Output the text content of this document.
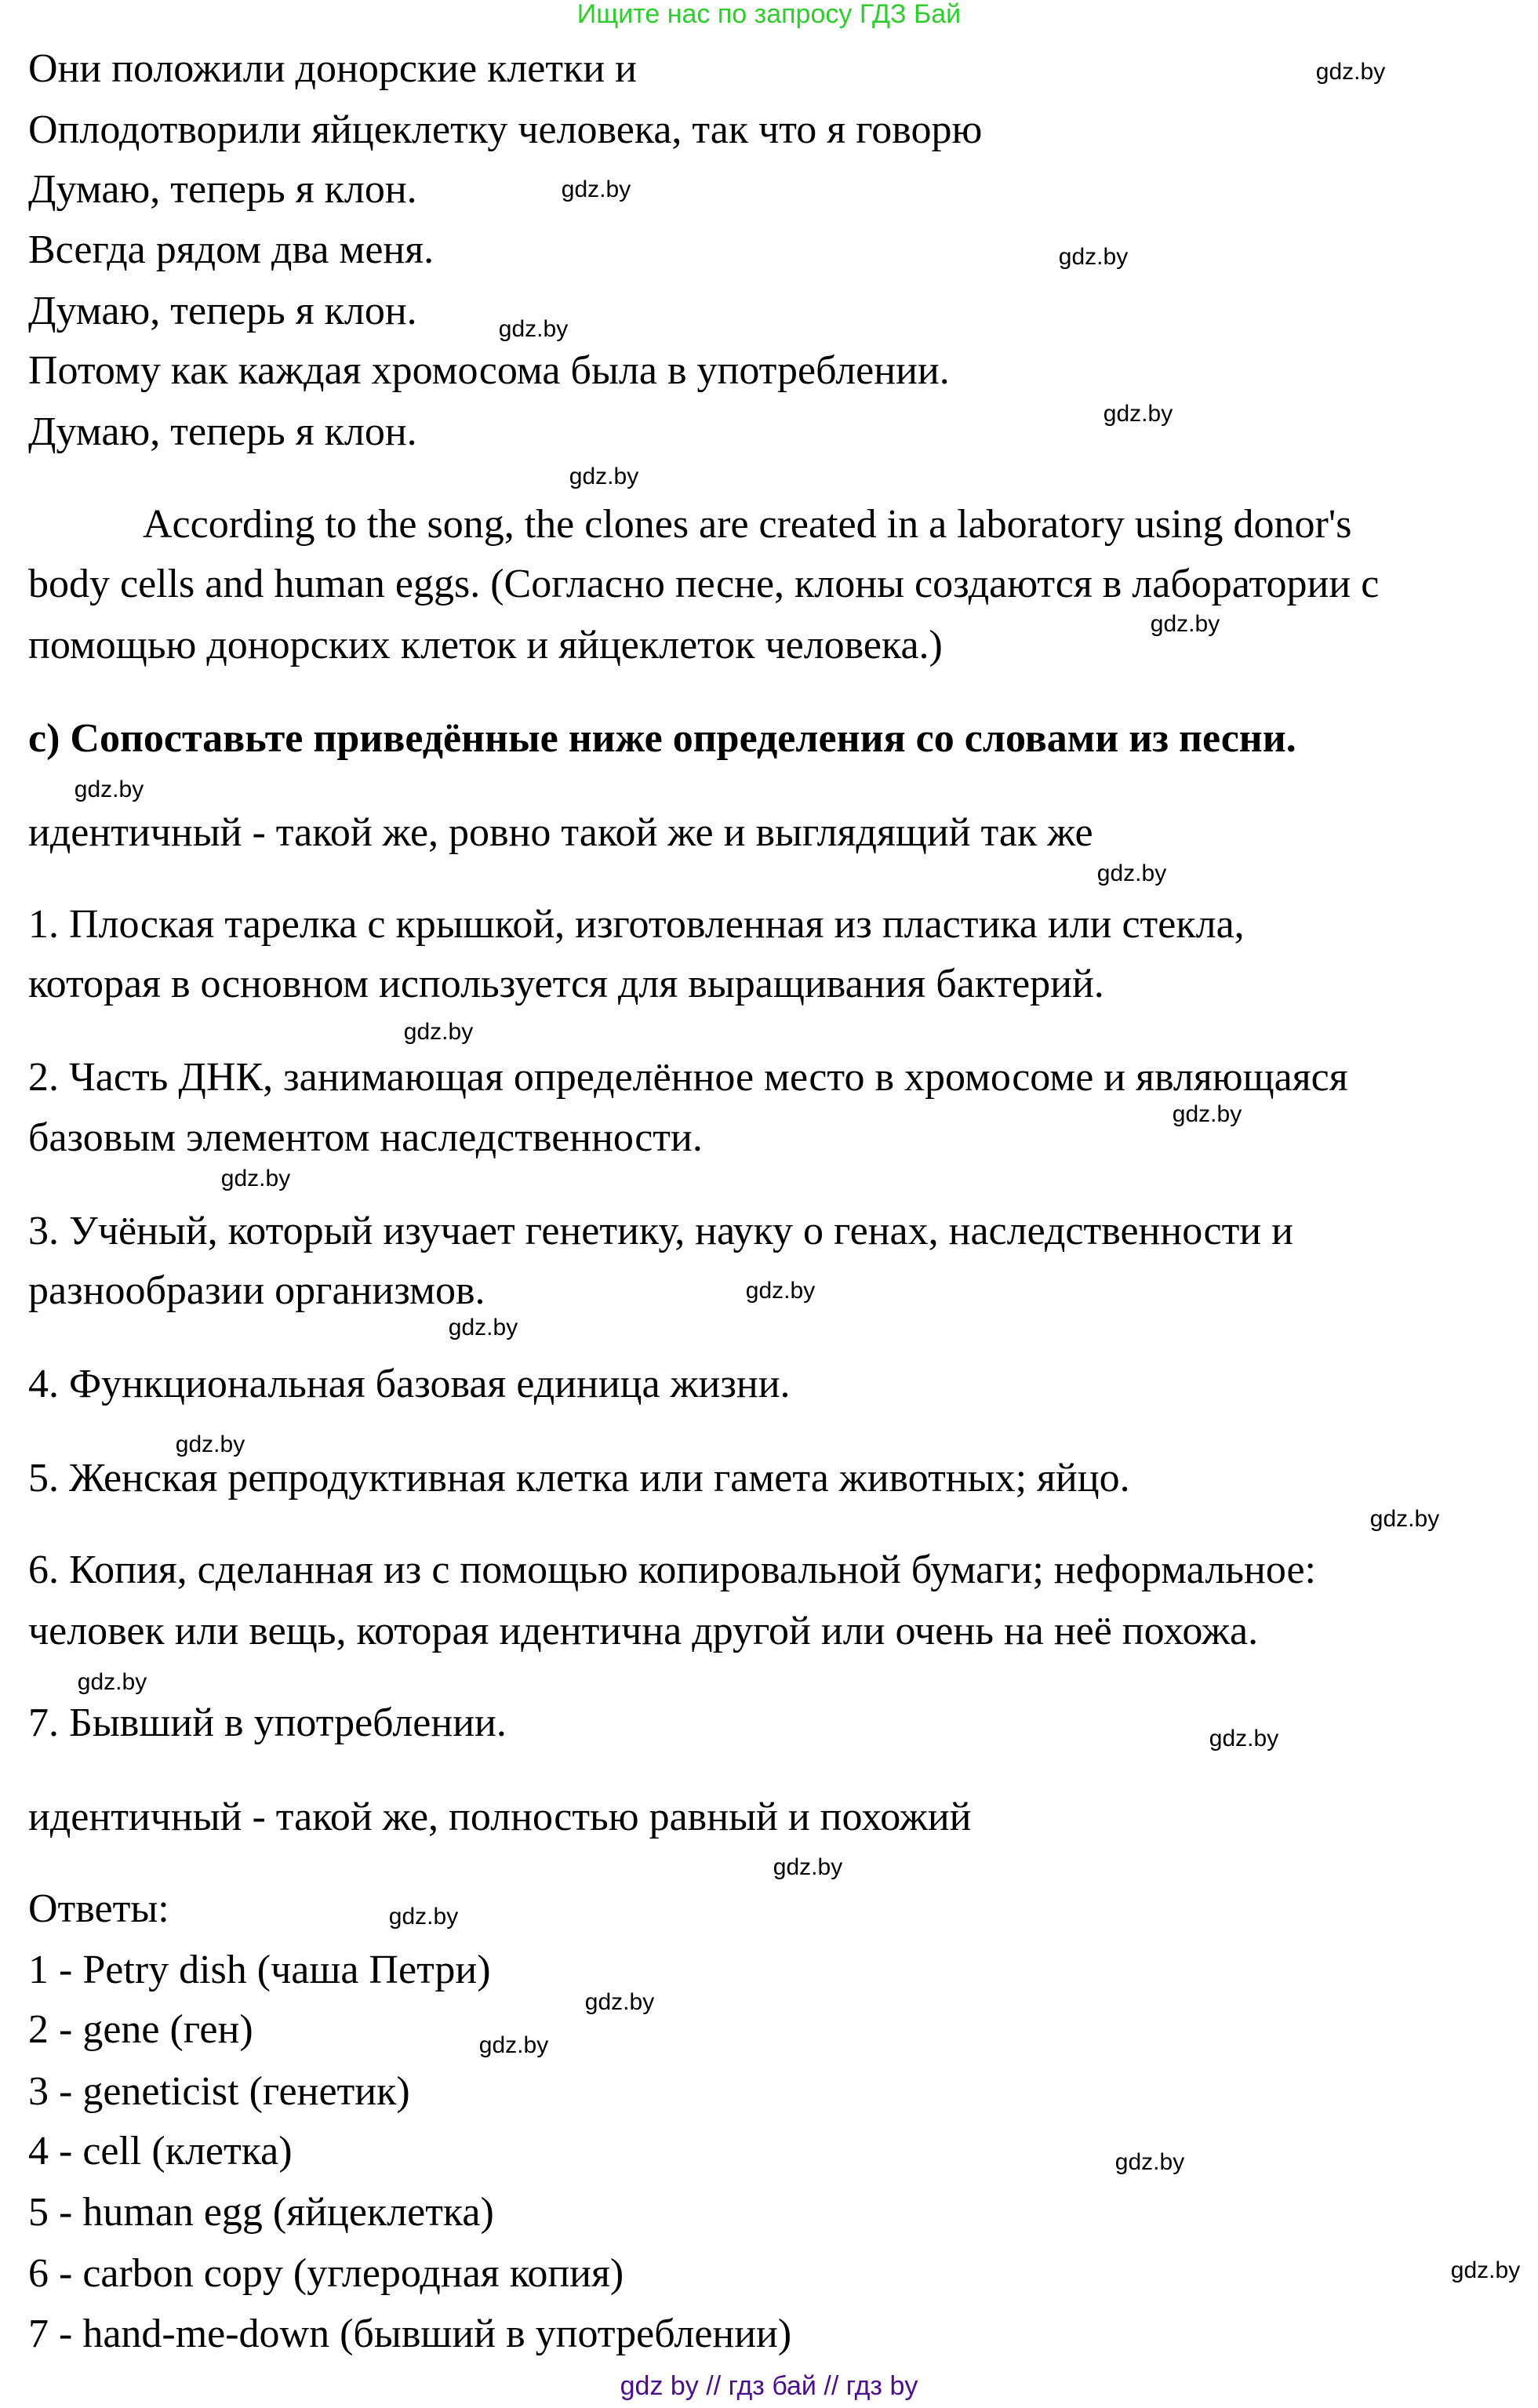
Ищите нас по запросу ГДЗ Бай
Они положили донорские клетки и
Оплодотворили яйцеклетку человека, так что я говорю
Думаю, теперь я клон.
Всегда рядом два меня.
Думаю, теперь я клон.
Потому как каждая хромосома была в употреблении.
Думаю, теперь я клон.
According to the song, the clones are created in a laboratory using donor's
body cells and human eggs. (Согласно песне, клоны создаются в лаборатории с
помощью донорских клеток и яйцеклеток человека.)
c) Сопоставьте приведённые ниже определения со словами из песни.
идентичный - такой же, ровно такой же и выглядящий так же
1. Плоская тарелка с крышкой, изготовленная из пластика или стекла,
которая в основном используется для выращивания бактерий.
2. Часть ДНК, занимающая определённое место в хромосоме и являющаяся
базовым элементом наследственности.
3. Учёный, который изучает генетику, науку о генах, наследственности и
разнообразии организмов.
4. Функциональная базовая единица жизни.
5. Женская репродуктивная клетка или гамета животных; яйцо.
6. Копия, сделанная из с помощью копировальной бумаги; неформальное:
человек или вещь, которая идентична другой или очень на неё похожа.
7. Бывший в употреблении.
идентичный - такой же, полностью равный и похожий
Ответы:
1 - Petry dish (чаша Петри)
2 - gene (ген)
3 - geneticist (генетик)
4 - cell (клетка)
5 - human egg (яйцеклетка)
6 - carbon copy (углеродная копия)
7 - hand-me-down (бывший в употреблении)
gdz.by
gdz.by
gdz.by
gdz.by
gdz.by
gdz.by
gdz.by
gdz.by
gdz.by
gdz.by
gdz.by
gdz.by
gdz.by
gdz.by
gdz.by
gdz.by
gdz.by
gdz.by
gdz.by
gdz.by
gdz.by
gdz.by
gdz.by
gdz.by
gdz by // гдз бай // гдз by
